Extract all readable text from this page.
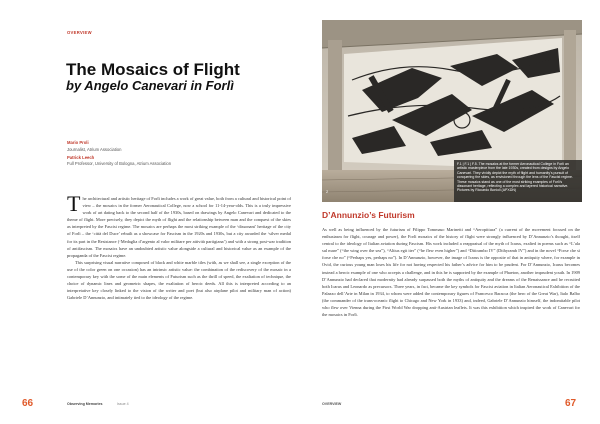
OVERVIEW
The Mosaics of Flight
by Angelo Canevari in Forlì
Mario Proli
Journalist, Atrium Association
Patrick Leech
Full Professor, University of Bologna, Atrium Association

The architectural and artistic heritage of Forlì includes a work of great value, both from a cultural and historical point of view – the mosaics in the former Aeronautical College, now a school for 11-14-year-olds. This is a truly impressive work of art dating back to the second half of the 1930s, based on drawings by Angelo Canevari and dedicated to the theme of flight. More precisely, they depict the myth of flight and the relationship between man and the conquest of the skies as interpreted by the Fascist regime. The mosaics are perhaps the most striking example of the ‘dissonant’ heritage of the city of Forlì – the ‘città del Duce’ rebuilt as a showcase for Fascism in the 1920s and 1930s, but a city awarded the ‘silver medal for its part in the Resistance (‘Medaglia d’argento al valor militare per attività partigiana’) and with a strong post-war tradition of antifascism. The mosaics have an undoubted artistic value alongside a cultural and historical value as an example of the propaganda of the Fascist regime.

This surprising visual narrative composed of black and white marble tiles (with, as we shall see, a single exception of the use of the color green on one occasion) has an intrinsic artistic value: the combination of the rediscovery of the mosaic in a contemporary key with the some of the main elements of Futurism such as the thrill of speed, the exaltation of technique, the choice of dynamic lines and geometric shapes, the exaltation of heroic deeds. All this is interpreted according to an interpretative key closely linked to the vision of the writer and poet (but also airplane pilot and military man of action) Gabriele D’Annunzio, and intimately tied to the ideology of the regime.

66	Observing Memories	Issue 4
F.1 | F.1 | F.5. The mosaics at the former Aeronautical College in Forlì an artistic masterpiece from the late 1930s, created from designs by Angelo Canevari. They vividly depict the myth of flight and humanity’s pursuit of conquering the skies, as envisioned through the lens of the Fascist regime. These mosaics stand as one of the most striking examples of Forlì’s dissonant heritage, reflecting a complex and layered historical narrative. Pictures by Riccardo Bonioli (ΑΡΧΩΝ)
2
D’Annunzio’s Futurism

As well as being influenced by the futurism of Filippo Tommaso Marinetti and “Aeropittura” (a current of the movement focused on the enthusiasm for flight, courage and power), the Forlì mosaics of the history of flight were strongly influenced by D’Annunzio’s thought, itself central to the ideology of Italian aviation during Fascism. His work included a reappraisal of the myth of Icarus, exalted in poems such as “L’ala sul mare” (“the wing over the sea”), “Altius egit iter” (“he flew even higher”) and “Ditirambo IV” (Dithyramb IV”) and in the novel “Forse che sì forse che no” (“Perhaps yes, perhaps no”). In D’Annunzio, however, the image of Icarus is the opposite of that in antiquity where, for example in Ovid, the curious young man loses his life for not having respected his father’s advice for him to be prudent. For D’Annunzio, Icarus becomes instead a heroic example of one who accepts a challenge, and in this he is supported by the example of Phaeton, another imprudent youth. In 1909 D’Annunzio had declared that modernity had already surpassed both the myths of antiquity and the dreams of the Renaissance and he recruited both Icarus and Leonardo as precursors. Three years, in fact, became the key symbols for Fascist aviation in Italian Aeronautical Exhibition of the Palazzo dell’Arte in Milan in 1934, to whom were added the contemporary figures of Francesco Baracca (the hero of the Great War), Italo Balbo (the commander of the trans-oceanic flight to Chicago and New York in 1933) and, indeed, Gabriele D’Annunzio himself, the indomitable pilot who flew over Vienna during the First World War dropping anti-Austrian leaflets. It was this exhibition which inspired the work of Canevari for the mosaics in Forlì.

OVERVIEW	67
